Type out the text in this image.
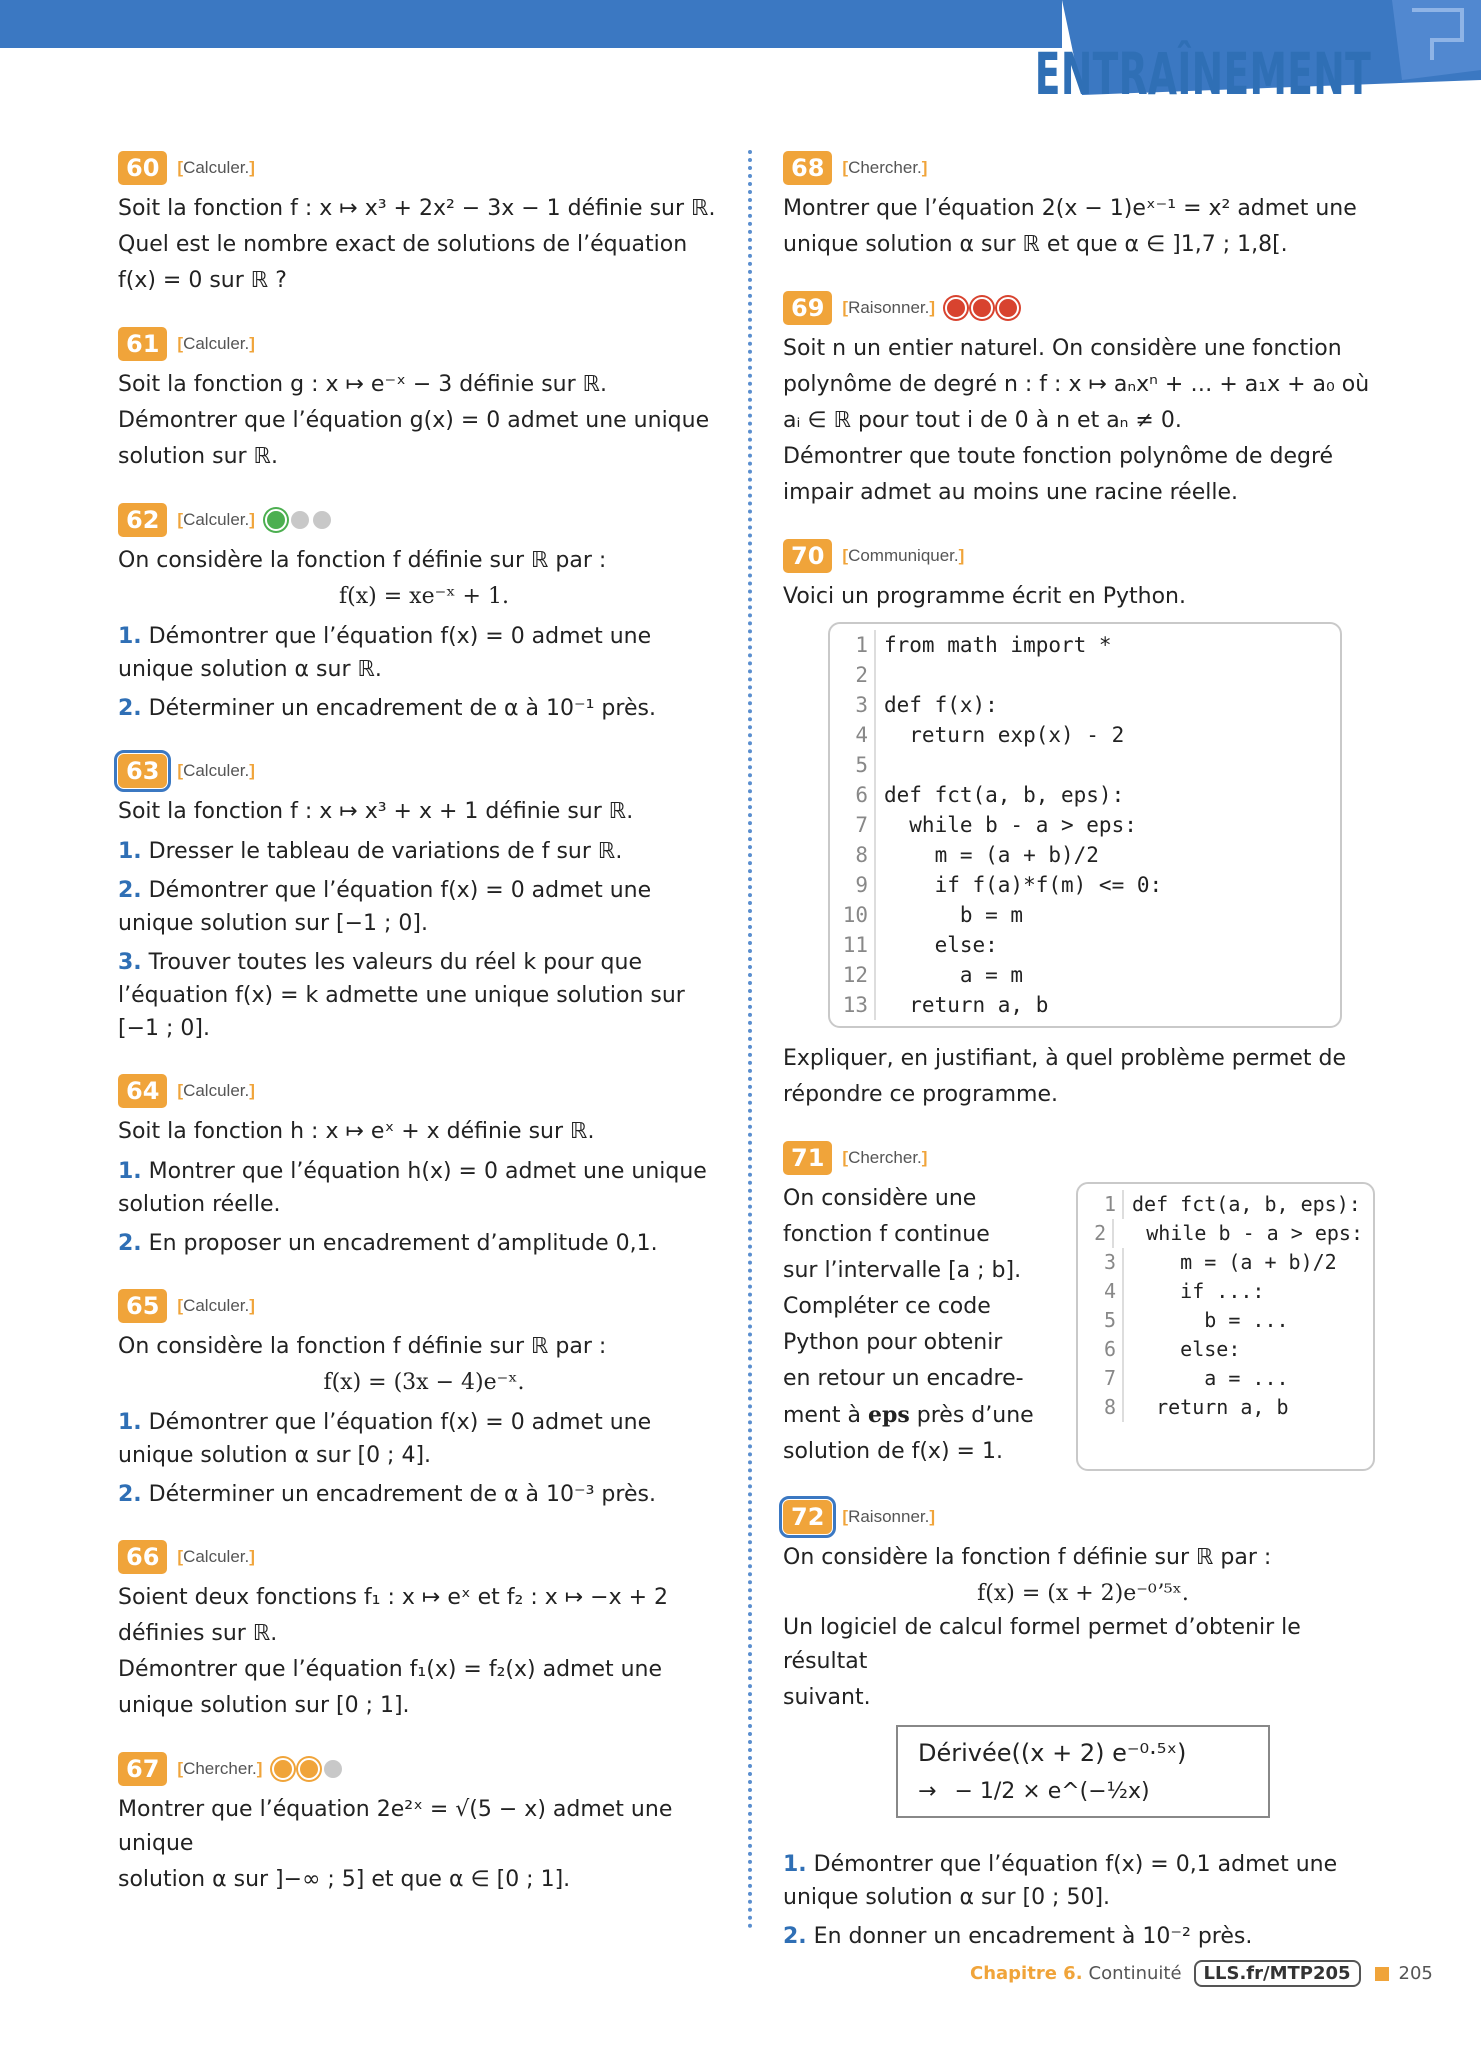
ENTRAÎNEMENT
60	[Calculer.]

Soit la fonction f : x ↦ x³ + 2x² − 3x − 1 définie sur ℝ.

Quel est le nombre exact de solutions de l’équation

f(x) = 0 sur ℝ ?

61	[Calculer.]

Soit la fonction g : x ↦ e⁻ˣ − 3 définie sur ℝ.

Démontrer que l’équation g(x) = 0 admet une unique

solution sur ℝ.

62	[Calculer.]

On considère la fonction f définie sur ℝ par :

f(x) = xe⁻ˣ + 1.

1. Démontrer que l’équation f(x) = 0 admet une unique solution α sur ℝ.
2. Déterminer un encadrement de α à 10⁻¹ près.
63	[Calculer.]

Soit la fonction f : x ↦ x³ + x + 1 définie sur ℝ.

1. Dresser le tableau de variations de f sur ℝ.
2. Démontrer que l’équation f(x) = 0 admet une unique solution sur [−1 ; 0].
3. Trouver toutes les valeurs du réel k pour que l’équation f(x) = k admette une unique solution sur [−1 ; 0].
64	[Calculer.]

Soit la fonction h : x ↦ eˣ + x définie sur ℝ.

1. Montrer que l’équation h(x) = 0 admet une unique solution réelle.
2. En proposer un encadrement d’amplitude 0,1.
65	[Calculer.]

On considère la fonction f définie sur ℝ par :

f(x) = (3x − 4)e⁻ˣ.

1. Démontrer que l’équation f(x) = 0 admet une unique solution α sur [0 ; 4].
2. Déterminer un encadrement de α à 10⁻³ près.
66	[Calculer.]

Soient deux fonctions f₁ : x ↦ eˣ et f₂ : x ↦ −x + 2

définies sur ℝ.

Démontrer que l’équation f₁(x) = f₂(x) admet une

unique solution sur [0 ; 1].

67	[Chercher.]

Montrer que l’équation 2e²ˣ = √(5 − x) admet une unique

solution α sur ]−∞ ; 5] et que α ∈ [0 ; 1].

68	[Chercher.]

Montrer que l’équation 2(x − 1)eˣ⁻¹ = x² admet une

unique solution α sur ℝ et que α ∈ ]1,7 ; 1,8[.

69	[Raisonner.]

Soit n un entier naturel. On considère une fonction

polynôme de degré n : f : x ↦ aₙxⁿ + … + a₁x + a₀ où

aᵢ ∈ ℝ pour tout i de 0 à n et aₙ ≠ 0.

Démontrer que toute fonction polynôme de degré

impair admet au moins une racine réelle.

70	[Communiquer.]

Voici un programme écrit en Python.

1 from math import *
2
3 def f(x):
4 return exp(x) - 2
5
6 def fct(a, b, eps):
7 while b - a > eps:
8 m = (a + b)/2
9 if f(a)*f(m) <= 0:
10 b = m
11 else:
12 a = m
13 return a, b

Expliquer, en justifiant, à quel problème permet de

répondre ce programme.

71	[Chercher.]

On considère une

fonction f continue

sur l’intervalle [a ; b].

Compléter ce code

Python pour obtenir

en retour un encadre-

ment à eps près d’une

solution de f(x) = 1.

1 def fct(a, b, eps):
2 while b - a > eps:
3 m = (a + b)/2
4 if ...:
5 b = ...
6 else:
7 a = ...
8 return a, b
72	[Raisonner.]

On considère la fonction f définie sur ℝ par :

f(x) = (x + 2)e⁻⁰ʼ⁵ˣ.

Un logiciel de calcul formel permet d’obtenir le résultat

suivant.

Dérivée((x + 2) e⁻⁰·⁵ˣ)
→ − 1/2 × e^(−½x)
1. Démontrer que l’équation f(x) = 0,1 admet une unique solution α sur [0 ; 50].
2. En donner un encadrement à 10⁻² près.
Chapitre 6. Continuité	LLS.fr/MTP205	205
